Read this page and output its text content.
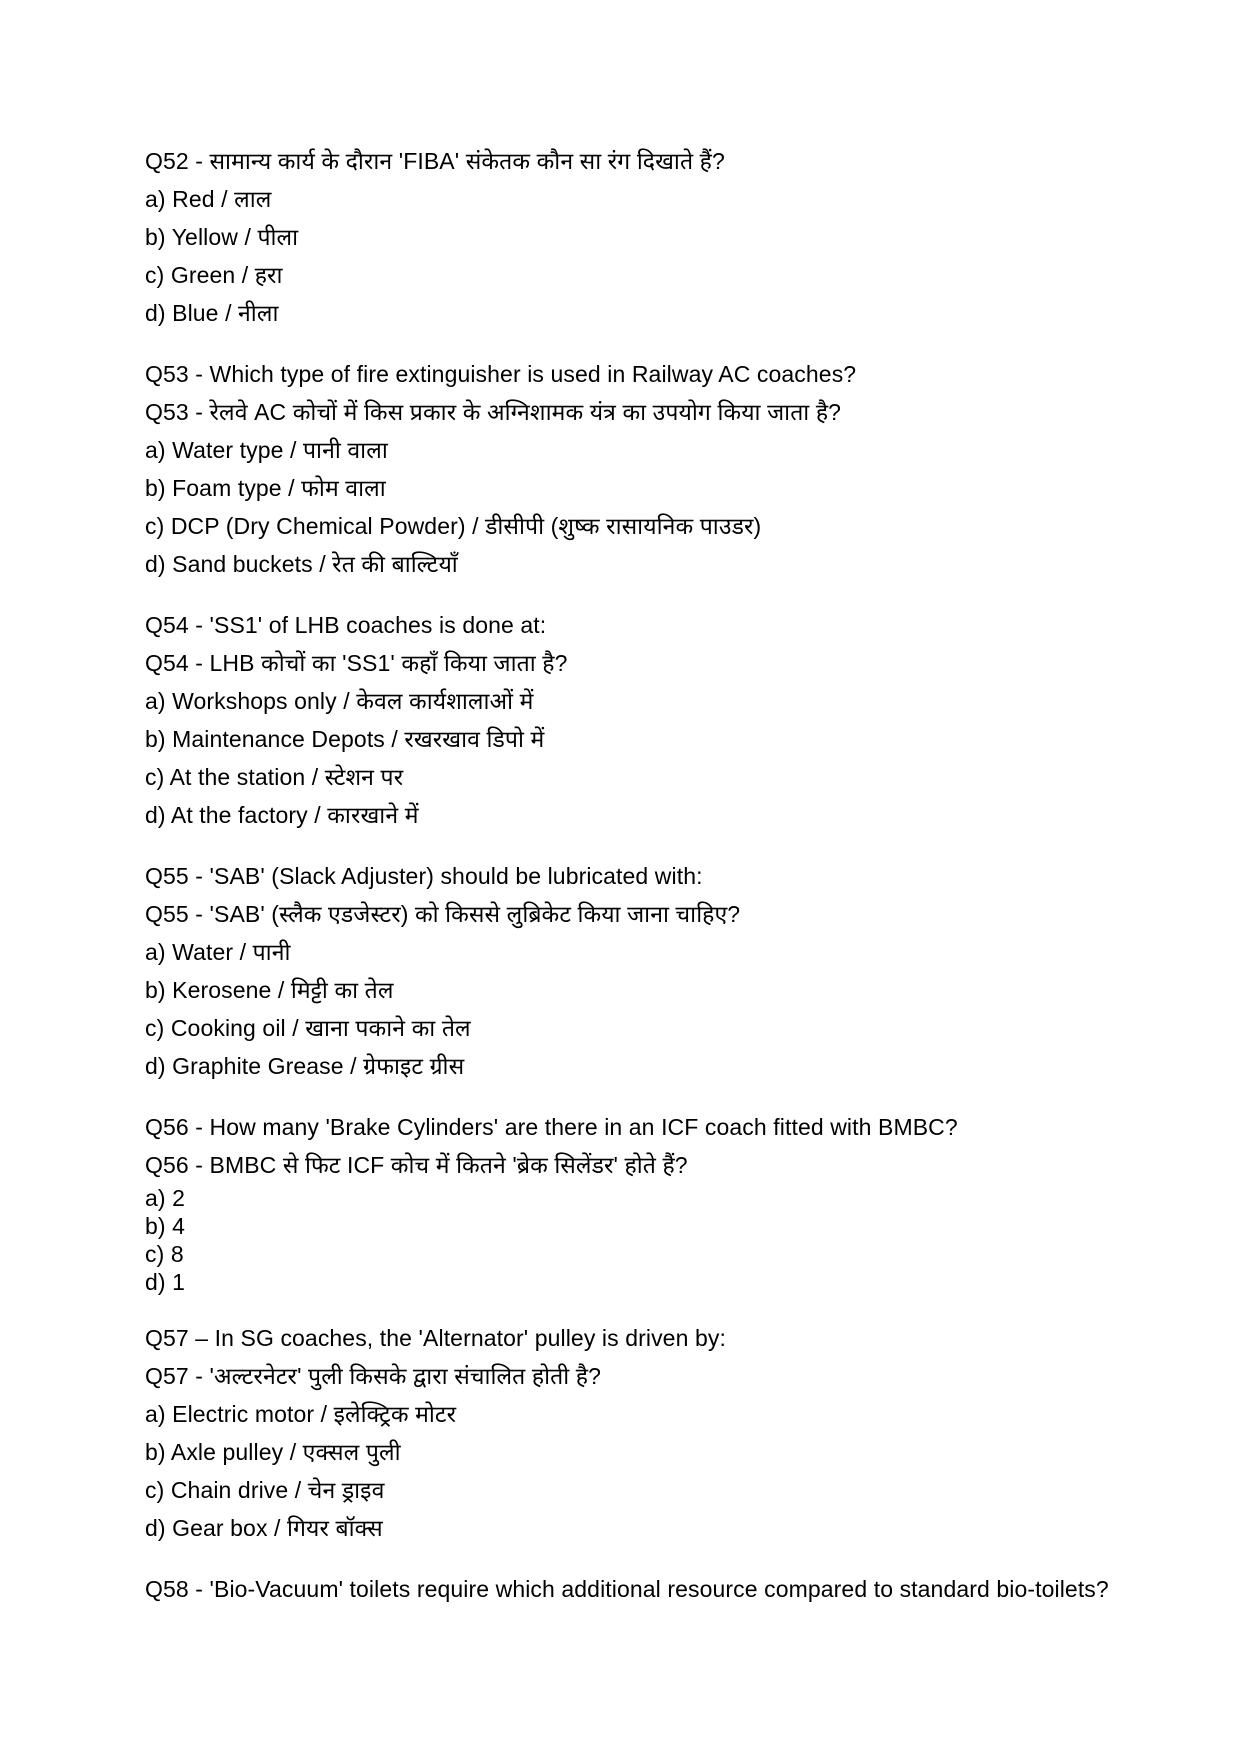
Q52 - सामान्य कार्य के दौरान 'FIBA' संकेतक कौन सा रंग दिखाते हैं?

a) Red / लाल

b) Yellow / पीला

c) Green / हरा

d) Blue / नीला

Q53 - Which type of fire extinguisher is used in Railway AC coaches?

Q53 - रेलवे AC कोचों में किस प्रकार के अग्निशामक यंत्र का उपयोग किया जाता है?

a) Water type / पानी वाला

b) Foam type / फोम वाला

c) DCP (Dry Chemical Powder) / डीसीपी (शुष्क रासायनिक पाउडर)

d) Sand buckets / रेत की बाल्टियाँ

Q54 - 'SS1' of LHB coaches is done at:

Q54 - LHB कोचों का 'SS1' कहाँ किया जाता है?

a) Workshops only / केवल कार्यशालाओं में

b) Maintenance Depots / रखरखाव डिपो में

c) At the station / स्टेशन पर

d) At the factory / कारखाने में

Q55 - 'SAB' (Slack Adjuster) should be lubricated with:

Q55 - 'SAB' (स्लैक एडजेस्टर) को किससे लुब्रिकेट किया जाना चाहिए?

a) Water / पानी

b) Kerosene / मिट्टी का तेल

c) Cooking oil / खाना पकाने का तेल

d) Graphite Grease / ग्रेफाइट ग्रीस

Q56 - How many 'Brake Cylinders' are there in an ICF coach fitted with BMBC?

Q56 - BMBC से फिट ICF कोच में कितने 'ब्रेक सिलेंडर' होते हैं?

a) 2

b) 4

c) 8

d) 1

Q57 – In SG coaches, the 'Alternator' pulley is driven by:

Q57 - 'अल्टरनेटर' पुली किसके द्वारा संचालित होती है?

a) Electric motor / इलेक्ट्रिक मोटर

b) Axle pulley / एक्सल पुली

c) Chain drive / चेन ड्राइव

d) Gear box / गियर बॉक्स

Q58 - 'Bio-Vacuum' toilets require which additional resource compared to standard bio-toilets?
